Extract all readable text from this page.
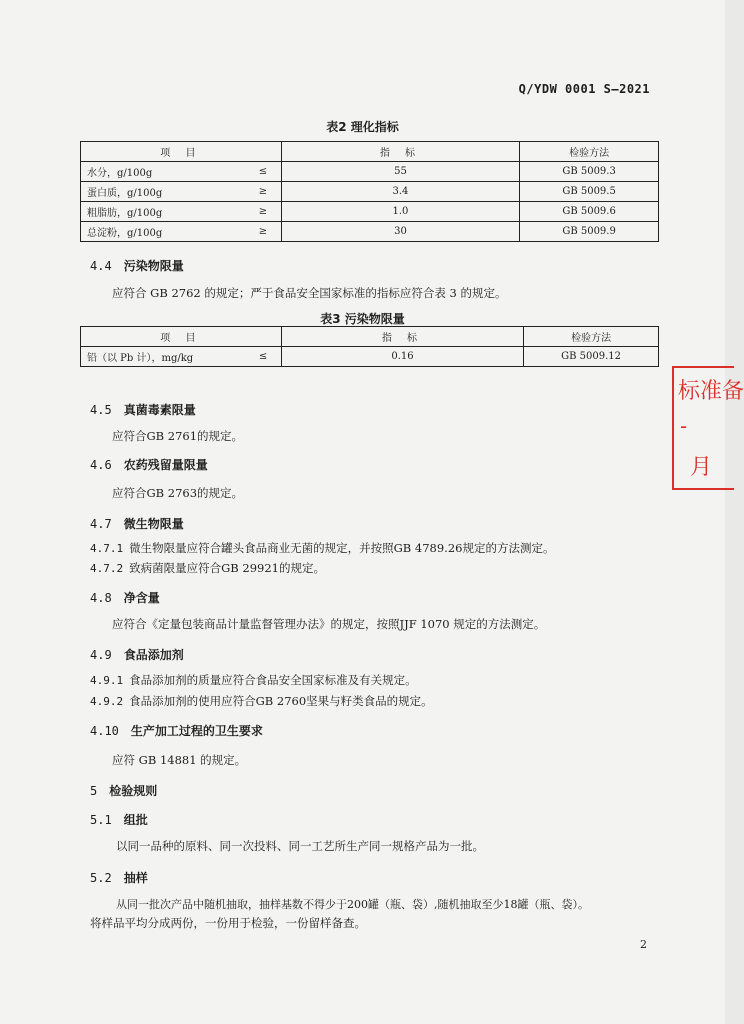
Q/YDW 0001 S—2021
表2 理化指标
项 目		指 标	检验方法
水分，g/100g	≤	55	GB 5009.3
蛋白质，g/100g	≥	3.4	GB 5009.5
粗脂肪，g/100g	≥	1.0	GB 5009.6
总淀粉，g/100g	≥	30	GB 5009.9
4.4 污染物限量
应符合 GB 2762 的规定；严于食品安全国家标准的指标应符合表 3 的规定。
表3 污染物限量
项 目		指 标	检验方法
铅（以 Pb 计），mg/kg	≤	0.16	GB 5009.12
4.5 真菌毒素限量
应符合GB 2761的规定。
4.6 农药残留量限量
应符合GB 2763的规定。
4.7 微生物限量
4.7.1 微生物限量应符合罐头食品商业无菌的规定，并按照GB 4789.26规定的方法测定。
4.7.2 致病菌限量应符合GB 29921的规定。
4.8 净含量
应符合《定量包装商品计量监督管理办法》的规定，按照JJF 1070 规定的方法测定。
4.9 食品添加剂
4.9.1 食品添加剂的质量应符合食品安全国家标准及有关规定。
4.9.2 食品添加剂的使用应符合GB 2760坚果与籽类食品的规定。
4.10 生产加工过程的卫生要求
应符 GB 14881 的规定。
5 检验规则
5.1 组批
以同一品种的原料、同一次投料、同一工艺所生产同一规格产品为一批。
5.2 抽样
从同一批次产品中随机抽取，抽样基数不得少于200罐（瓶、袋）,随机抽取至少18罐（瓶、袋）。
将样品平均分成两份，一份用于检验，一份留样备查。
标准备
-
月
2
